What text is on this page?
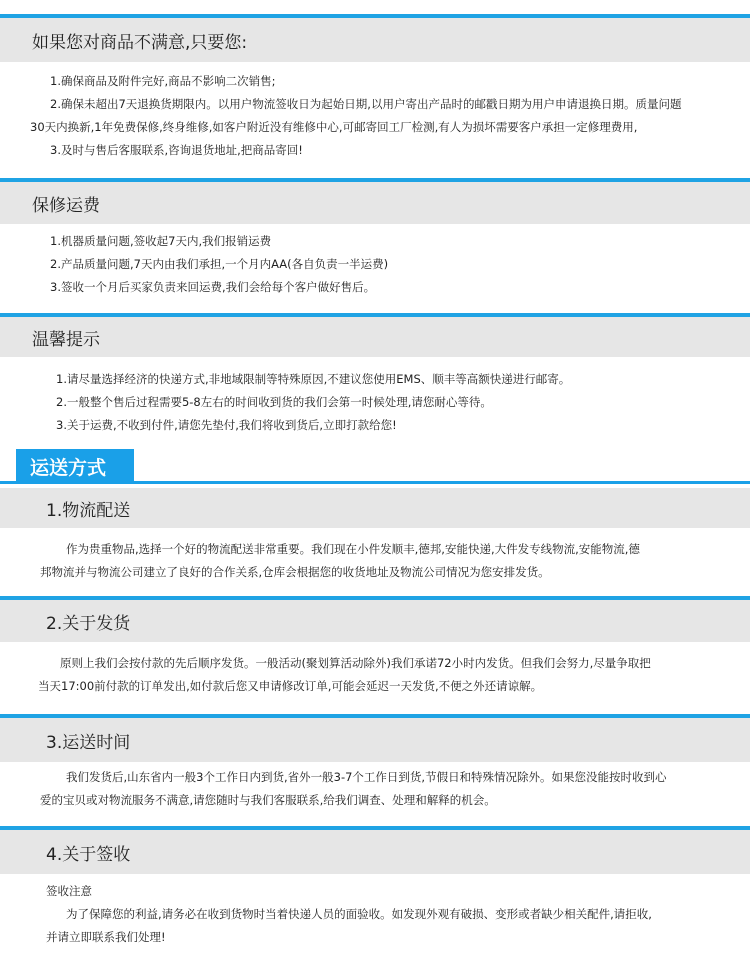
如果您对商品不满意,只要您:

1.确保商品及附件完好,商品不影响二次销售;

2.确保未超出7天退换货期限内。以用户物流签收日为起始日期,以用户寄出产品时的邮戳日期为用户申请退换日期。质量问题

30天内换新,1年免费保修,终身维修,如客户附近没有维修中心,可邮寄回工厂检测,有人为损坏需要客户承担一定修理费用,

3.及时与售后客服联系,咨询退货地址,把商品寄回!

保修运费

1.机器质量问题,签收起7天内,我们报销运费

2.产品质量问题,7天内由我们承担,一个月内AA(各自负责一半运费)

3.签收一个月后买家负责来回运费,我们会给每个客户做好售后。

温馨提示

1.请尽量选择经济的快递方式,非地域限制等特殊原因,不建议您使用EMS、顺丰等高额快递进行邮寄。

2.一般整个售后过程需要5-8左右的时间收到货的我们会第一时候处理,请您耐心等待。

3.关于运费,不收到付件,请您先垫付,我们将收到货后,立即打款给您!

运送方式
1.物流配送

作为贵重物品,选择一个好的物流配送非常重要。我们现在小件发顺丰,德邦,安能快递,大件发专线物流,安能物流,德

邦物流并与物流公司建立了良好的合作关系,仓库会根据您的收货地址及物流公司情况为您安排发货。

2.关于发货

原则上我们会按付款的先后顺序发货。一般活动(聚划算活动除外)我们承诺72小时内发货。但我们会努力,尽量争取把

当天17:00前付款的订单发出,如付款后您又申请修改订单,可能会延迟一天发货,不便之外还请谅解。

3.运送时间

我们发货后,山东省内一般3个工作日内到货,省外一般3-7个工作日到货,节假日和特殊情况除外。如果您没能按时收到心

爱的宝贝或对物流服务不满意,请您随时与我们客服联系,给我们调查、处理和解释的机会。

4.关于签收

签收注意

为了保障您的利益,请务必在收到货物时当着快递人员的面验收。如发现外观有破损、变形或者缺少相关配件,请拒收,

并请立即联系我们处理!
